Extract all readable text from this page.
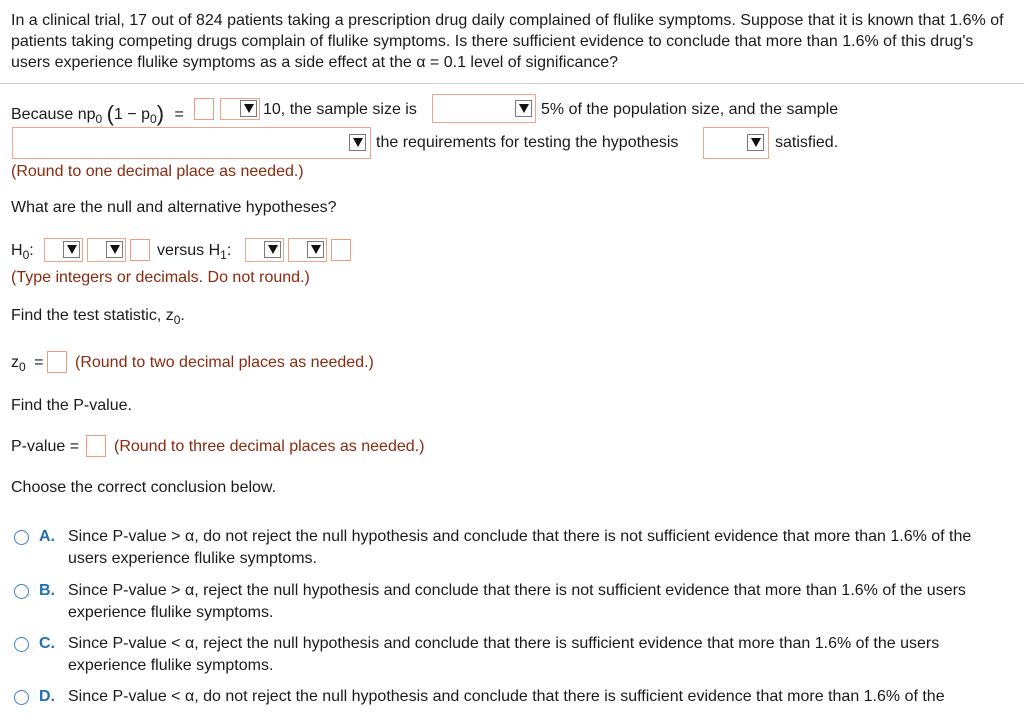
In a clinical trial, 17 out of 824 patients taking a prescription drug daily complained of flulike symptoms. Suppose that it is known that 1.6% of patients taking competing drugs complain of flulike symptoms. Is there sufficient evidence to conclude that more than 1.6% of this drug's users experience flulike symptoms as a side effect at the α = 0.1 level of significance?
Because $np_0$ $(1 - p_0)$ =	10, the sample size is	5% of the population size, and the sample
the requirements for testing the hypothesis	satisfied.
(Round to one decimal place as needed.)
What are the null and alternative hypotheses?
$H_0$:	versus $H_1$:
(Type integers or decimals. Do not round.)
Find the test statistic, $z_0$.
$z_0$ = (Round to two decimal places as needed.)
Find the P-value.
P-value = (Round to three decimal places as needed.)
Choose the correct conclusion below.
A. Since P-value > α, do not reject the null hypothesis and conclude that there is not sufficient evidence that more than 1.6% of the users experience flulike symptoms.
B. Since P-value > α, reject the null hypothesis and conclude that there is not sufficient evidence that more than 1.6% of the users experience flulike symptoms.
C. Since P-value < α, reject the null hypothesis and conclude that there is sufficient evidence that more than 1.6% of the users experience flulike symptoms.
D. Since P-value < α, do not reject the null hypothesis and conclude that there is sufficient evidence that more than 1.6% of the
